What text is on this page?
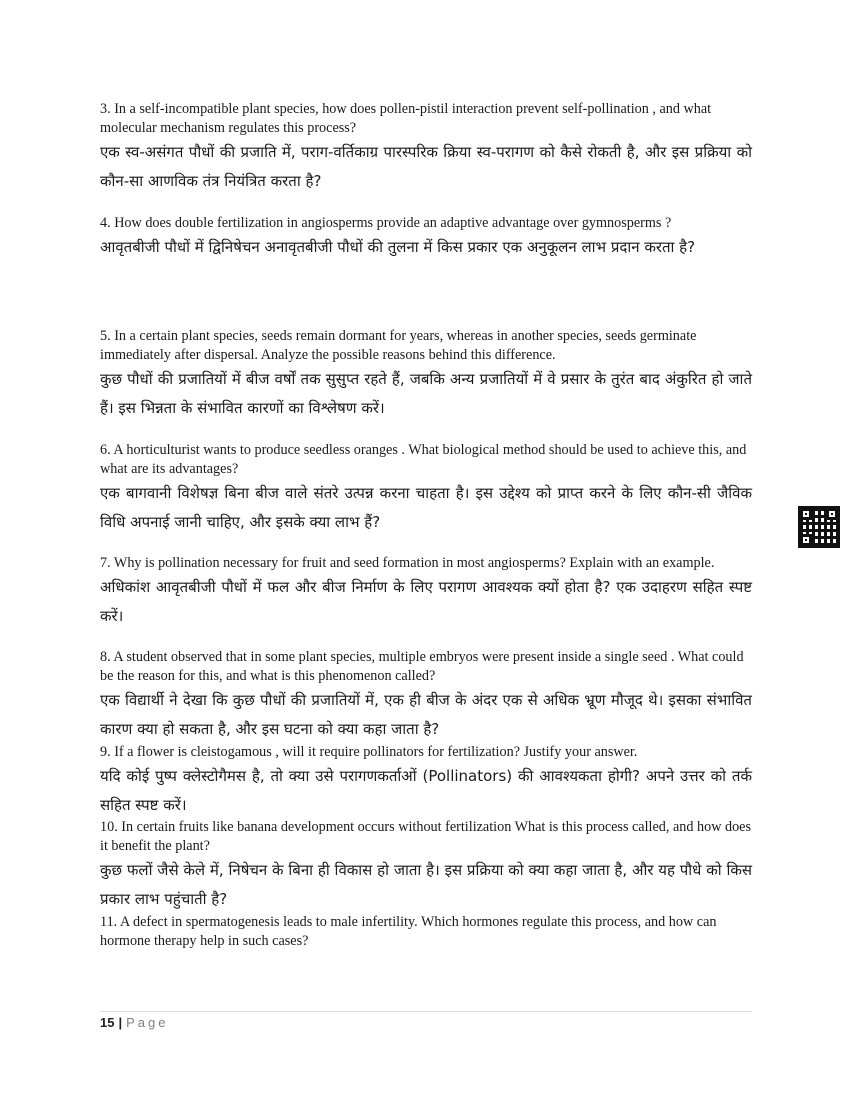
3. In a self-incompatible plant species, how does pollen-pistil interaction prevent self-pollination , and what molecular mechanism regulates this process?

एक स्व-असंगत पौधों की प्रजाति में, पराग-वर्तिकाग्र पारस्परिक क्रिया स्व-परागण को कैसे रोकती है, और इस प्रक्रिया को कौन-सा आणविक तंत्र नियंत्रित करता है?

4. How does double fertilization in angiosperms provide an adaptive advantage over gymnosperms ?

आवृतबीजी पौधों में द्विनिषेचन अनावृतबीजी पौधों की तुलना में किस प्रकार एक अनुकूलन लाभ प्रदान करता है?

5. In a certain plant species, seeds remain dormant for years, whereas in another species, seeds germinate immediately after dispersal. Analyze the possible reasons behind this difference.

कुछ पौधों की प्रजातियों में बीज वर्षों तक सुसुप्त रहते हैं, जबकि अन्य प्रजातियों में वे प्रसार के तुरंत बाद अंकुरित हो जाते हैं। इस भिन्नता के संभावित कारणों का विश्लेषण करें।

6. A horticulturist wants to produce seedless oranges . What biological method should be used to achieve this, and what are its advantages?

एक बागवानी विशेषज्ञ बिना बीज वाले संतरे उत्पन्न करना चाहता है। इस उद्देश्य को प्राप्त करने के लिए कौन-सी जैविक विधि अपनाई जानी चाहिए, और इसके क्या लाभ हैं?

7. Why is pollination necessary for fruit and seed formation in most angiosperms? Explain with an example.

अधिकांश आवृतबीजी पौधों में फल और बीज निर्माण के लिए परागण आवश्यक क्यों होता है? एक उदाहरण सहित स्पष्ट करें।

8. A student observed that in some plant species, multiple embryos were present inside a single seed . What could be the reason for this, and what is this phenomenon called?

एक विद्यार्थी ने देखा कि कुछ पौधों की प्रजातियों में, एक ही बीज के अंदर एक से अधिक भ्रूण मौजूद थे। इसका संभावित कारण क्या हो सकता है, और इस घटना को क्या कहा जाता है?

9. If a flower is cleistogamous , will it require pollinators for fertilization? Justify your answer.

यदि कोई पुष्प क्लेस्टोगैमस है, तो क्या उसे परागणकर्ताओं (Pollinators) की आवश्यकता होगी? अपने उत्तर को तर्क सहित स्पष्ट करें।

10. In certain fruits like banana development occurs without fertilization What is this process called, and how does it benefit the plant?

कुछ फलों जैसे केले में, निषेचन के बिना ही विकास हो जाता है। इस प्रक्रिया को क्या कहा जाता है, और यह पौधे को किस प्रकार लाभ पहुंचाती है?

11. A defect in spermatogenesis leads to male infertility. Which hormones regulate this process, and how can hormone therapy help in such cases?

15 | Page
